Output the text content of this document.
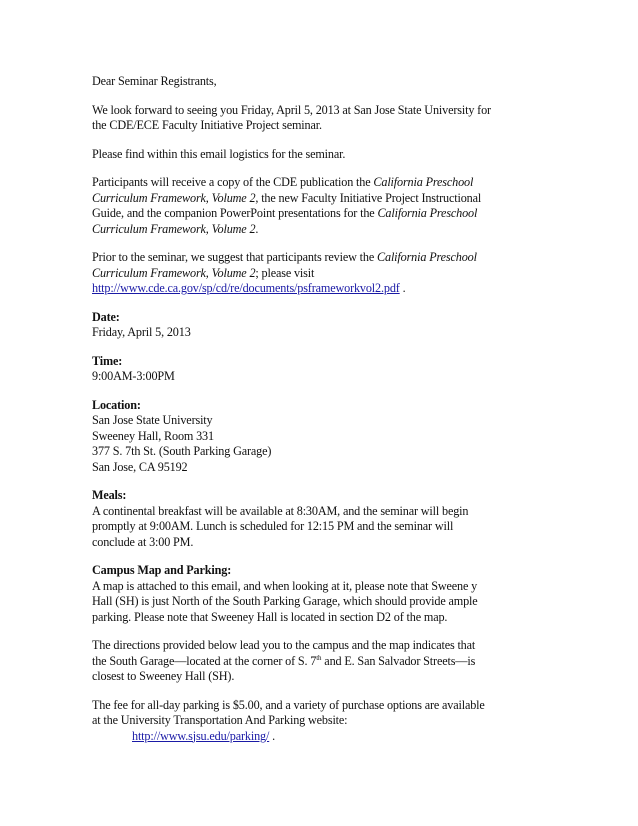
Dear Seminar Registrants,

We look forward to seeing you Friday, April 5, 2013 at San Jose State University for
the CDE/ECE Faculty Initiative Project seminar.

Please find within this email logistics for the seminar.

Participants will receive a copy of the CDE publication the California Preschool
Curriculum Framework, Volume 2, the new Faculty Initiative Project Instructional
Guide, and the companion PowerPoint presentations for the California Preschool
Curriculum Framework, Volume 2.

Prior to the seminar, we suggest that participants review the California Preschool
Curriculum Framework, Volume 2; please visit
http://www.cde.ca.gov/sp/cd/re/documents/psframeworkvol2.pdf .

Date:
Friday, April 5, 2013
Time:
9:00AM-3:00PM
Location:
San Jose State University
Sweeney Hall, Room 331
377 S. 7th St. (South Parking Garage)
San Jose, CA 95192
Meals:
A continental breakfast will be available at 8:30AM, and the seminar will begin
promptly at 9:00AM. Lunch is scheduled for 12:15 PM and the seminar will
conclude at 3:00 PM.
Campus Map and Parking:
A map is attached to this email, and when looking at it, please note that Sweene y
Hall (SH) is just North of the South Parking Garage, which should provide ample
parking. Please note that Sweeney Hall is located in section D2 of the map.

The directions provided below lead you to the campus and the map indicates that
the South Garage—located at the corner of S. 7th and E. San Salvador Streets—is
closest to Sweeney Hall (SH).

The fee for all-day parking is $5.00, and a variety of purchase options are available
at the University Transportation And Parking website:
http://www.sjsu.edu/parking/ .
